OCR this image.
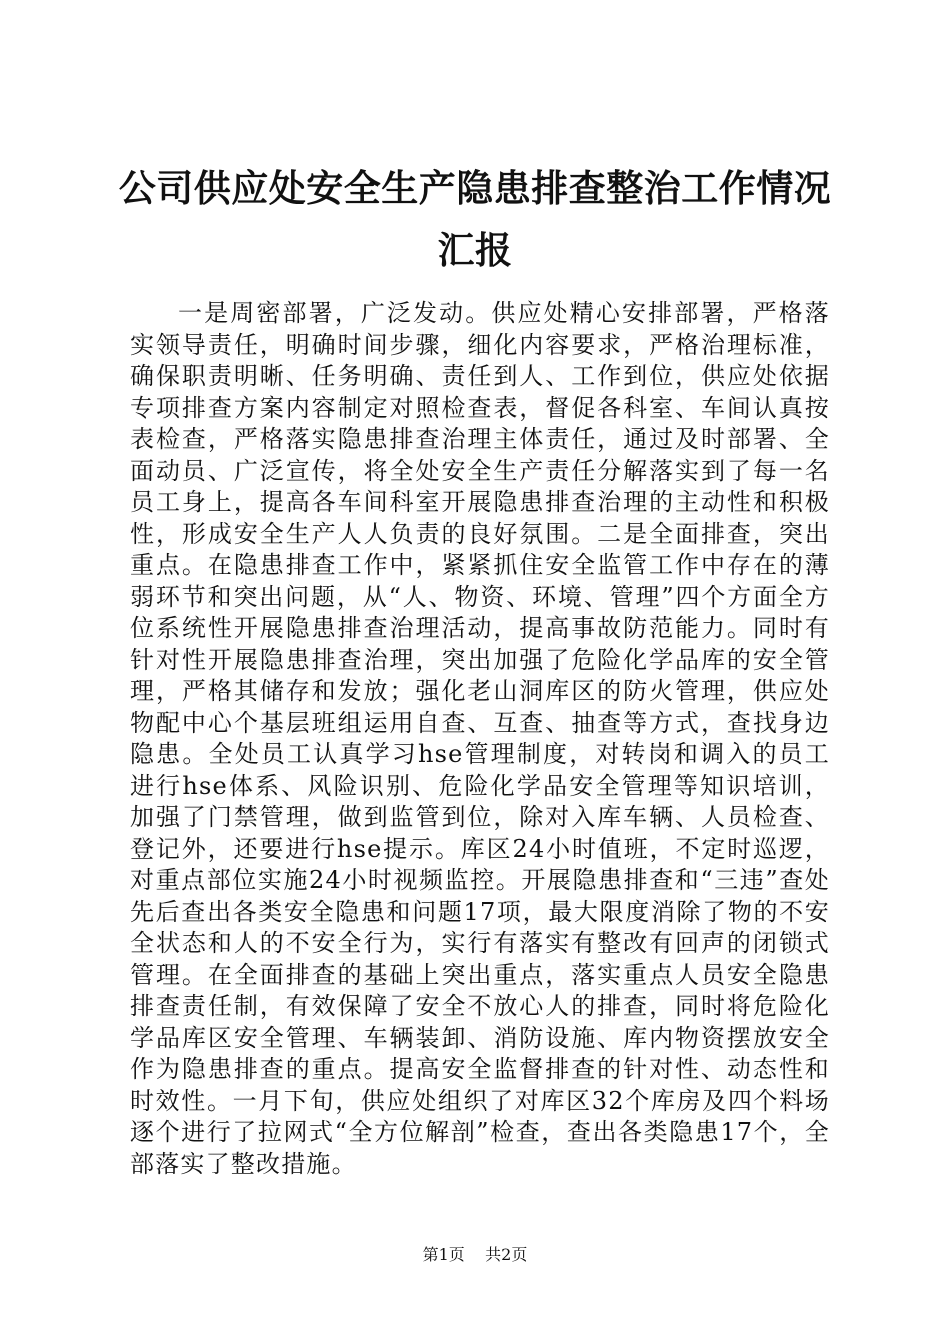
公司供应处安全生产隐患排查整治工作情况汇报

一是周密部署，广泛发动。供应处精心安排部署，严格落实领导责任，明确时间步骤，细化内容要求，严格治理标准，确保职责明晰、任务明确、责任到人、工作到位，供应处依据专项排查方案内容制定对照检查表，督促各科室、车间认真按表检查，严格落实隐患排查治理主体责任，通过及时部署、全面动员、广泛宣传，将全处安全生产责任分解落实到了每一名员工身上，提高各车间科室开展隐患排查治理的主动性和积极性，形成安全生产人人负责的良好氛围。二是全面排查，突出重点。在隐患排查工作中，紧紧抓住安全监管工作中存在的薄弱环节和突出问题，从“人、物资、环境、管理”四个方面全方位系统性开展隐患排查治理活动，提高事故防范能力。同时有针对性开展隐患排查治理，突出加强了危险化学品库的安全管理，严格其储存和发放；强化老山洞库区的防火管理，供应处物配中心个基层班组运用自查、互查、抽查等方式，查找身边隐患。全处员工认真学习hse管理制度，对转岗和调入的员工进行hse体系、风险识别、危险化学品安全管理等知识培训，加强了门禁管理，做到监管到位，除对入库车辆、人员检查、登记外，还要进行hse提示。库区24小时值班，不定时巡逻，对重点部位实施24小时视频监控。开展隐患排查和“三违”查处先后查出各类安全隐患和问题17项，最大限度消除了物的不安全状态和人的不安全行为，实行有落实有整改有回声的闭锁式管理。在全面排查的基础上突出重点，落实重点人员安全隐患排查责任制，有效保障了安全不放心人的排查，同时将危险化学品库区安全管理、车辆装卸、消防设施、库内物资摆放安全作为隐患排查的重点。提高安全监督排查的针对性、动态性和时效性。一月下旬，供应处组织了对库区32个库房及四个料场逐个进行了拉网式“全方位解剖”检查，查出各类隐患17个，全部落实了整改措施。

第1页 共2页
